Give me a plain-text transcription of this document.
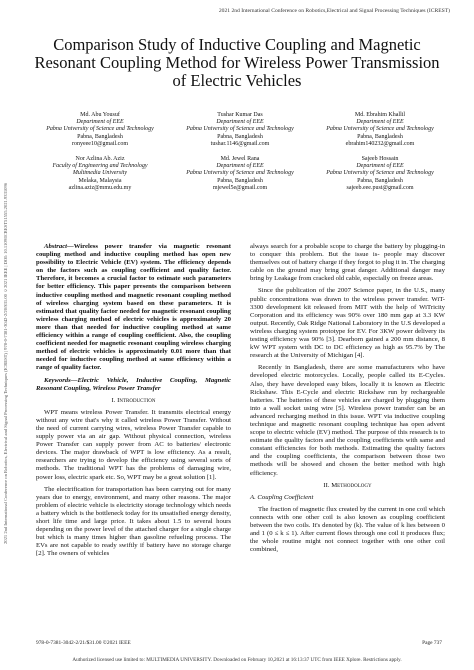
2021 2nd International Conference on Robotics,Electrical and Signal Processing Techniques (ICREST)
2021 2nd International Conference on Robotics, Electrical and Signal Processing Techniques (ICREST) | 978-0-7381-3042-2/20/$31.00 ©2021 IEEE | DOI: 10.1109/ICREST51555.2021.9331096
Comparison Study of Inductive Coupling and Magnetic Resonant Coupling Method for Wireless Power Transmission of Electric Vehicles
Md. Abu Yousuf
Department of EEE
Pabna University of Science and Technology
Pabna, Bangladesh
ronyeee10@gmail.com
Tushar Kumar Das
Department of EEE
Pabna University of Science and Technology
Pabna, Bangladesh
tushar.1146@gmail.com
Md. Ebrahim Khallil
Department of EEE
Pabna University of Science and Technology
Pabna, Bangladesh
ebrahim140232@gmail.com
Nor Azlina Ab. Aziz
Faculty of Engineering and Technology
Multimedia University
Melaka, Malaysia
azlina.aziz@mmu.edu.my
Md. Jewel Rana
Department of EEE
Pabna University of Science and Technology
Pabna, Bangladesh
mjewel5e@gmail.com
Sajeeb Hossain
Department of EEE
Pabna University of Science and Technology
Pabna, Bangladesh
sajeeb.eee.pust@gmail.com

Abstract—Wireless power transfer via magnetic resonant coupling method and inductive coupling method has open new possibility to Electric Vehicle (EV) system. The efficiency depends on the factors such as coupling coefficient and quality factor. Therefore, it becomes a crucial factor to estimate such parameters for better efficiency. This paper presents the comparison between inductive coupling method and magnetic resonant coupling method of wireless charging system based on these parameters. It is estimated that quality factor needed for magnetic resonant coupling wireless charging method of electric vehicles is approximately 20 more than that needed for inductive coupling method at same efficiency within a range of coupling coefficient. Also, the coupling coefficient needed for magnetic resonant coupling wireless charging method of electric vehicles is approximately 0.01 more than that needed for inductive coupling method at same efficiency within a range of quality factor.

Keywords—Electric Vehicle, Inductive Coupling, Magnetic Resonant Coupling, Wireless Power Transfer

I. Introduction

WPT means wireless Power Transfer. It transmits electrical energy without any wire that's why it called wireless Power Transfer. Without the need of current carrying wires, wireless Power Transfer capable to supply power via an air gap. Without physical connection, wireless Power Transfer can supply power from AC to batteries/ electronic devices. The major drawback of WPT is low efficiency. As a result, researchers are trying to develop the efficiency using several sorts of methods. The traditional WPT has the problems of damaging wire, power loss, electric spark etc. So, WPT may be a great solution [1].

The electrification for transportation has been carrying out for many years due to energy, environment, and many other reasons. The major problem of electric vehicle is electricity storage technology which needs a battery which is the bottleneck today for its unsatisfied energy density, short life time and large price. It takes about 1.5 to several hours depending on the power level of the attached charger for a single charge but which is many times higher than gasoline refueling process. The EVs are not capable to ready swiftly if battery have no storage charge [2]. The owners of vehicles

always search for a probable scope to charge the battery by plugging-in to conquer this problem. But the issue is- people may discover themselves out of battery charge if they forgot to plug it in. The charging cable on the ground may bring great danger. Additional danger may bring by Leakage from cracked old cable, especially on freeze areas.

Since the publication of the 2007 Science paper, in the U.S., many public concentrations was drawn to the wireless power transfer. WiT-3300 development kit released from MIT with the help of WiTricity Corporation and its efficiency was 90% over 180 mm gap at 3.3 KW output. Recently, Oak Ridge National Laboratory in the U.S developed a wireless charging system prototype for EV. For 3KW power delivery its testing efficiency was 90% [3]. Dearborn gained a 200 mm distance, 8 kW WPT system with DC to DC efficiency as high as 95.7% by The research at the University of Michigan [4].

Recently in Bangladesh, there are some manufacturers who have developed electric motorcycles. Locally, people called its E-Cycles. Also, they have developed easy bikes, locally it is known as Electric Rickshaw. This E-Cycle and electric Rickshaw run by rechargeable batteries. The batteries of these vehicles are charged by plugging them into a wall socket using wire [5]. Wireless power transfer can be an advanced recharging method in this issue. WPT via inductive coupling technique and magnetic resonant coupling technique has open advent scope to electric vehicle (EV) method. The purpose of this research is to estimate the quality factors and the coupling coefficients with same and constant efficiencies for both methods. Estimating the quality factors and the coupling coefficients, the comparison between those two methods will be showed and chosen the better method with high efficiency.

II. Methodology

A. Coupling Coefficient

The fraction of magnetic flux created by the current in one coil which connects with one other coil is also known as coupling coefficient between the two coils. It's denoted by (k). The value of k lies between 0 and 1 (0 ≤ k ≤ 1). After current flows through one coil it produces flux; the whole routine might not connect together with one other coil combined,

978-0-7381-3042-2/21/$31.00 ©2021 IEEE	Page 737
Authorized licensed use limited to: MULTIMEDIA UNIVERSITY. Downloaded on February 10,2021 at 16:13:37 UTC from IEEE Xplore. Restrictions apply.
